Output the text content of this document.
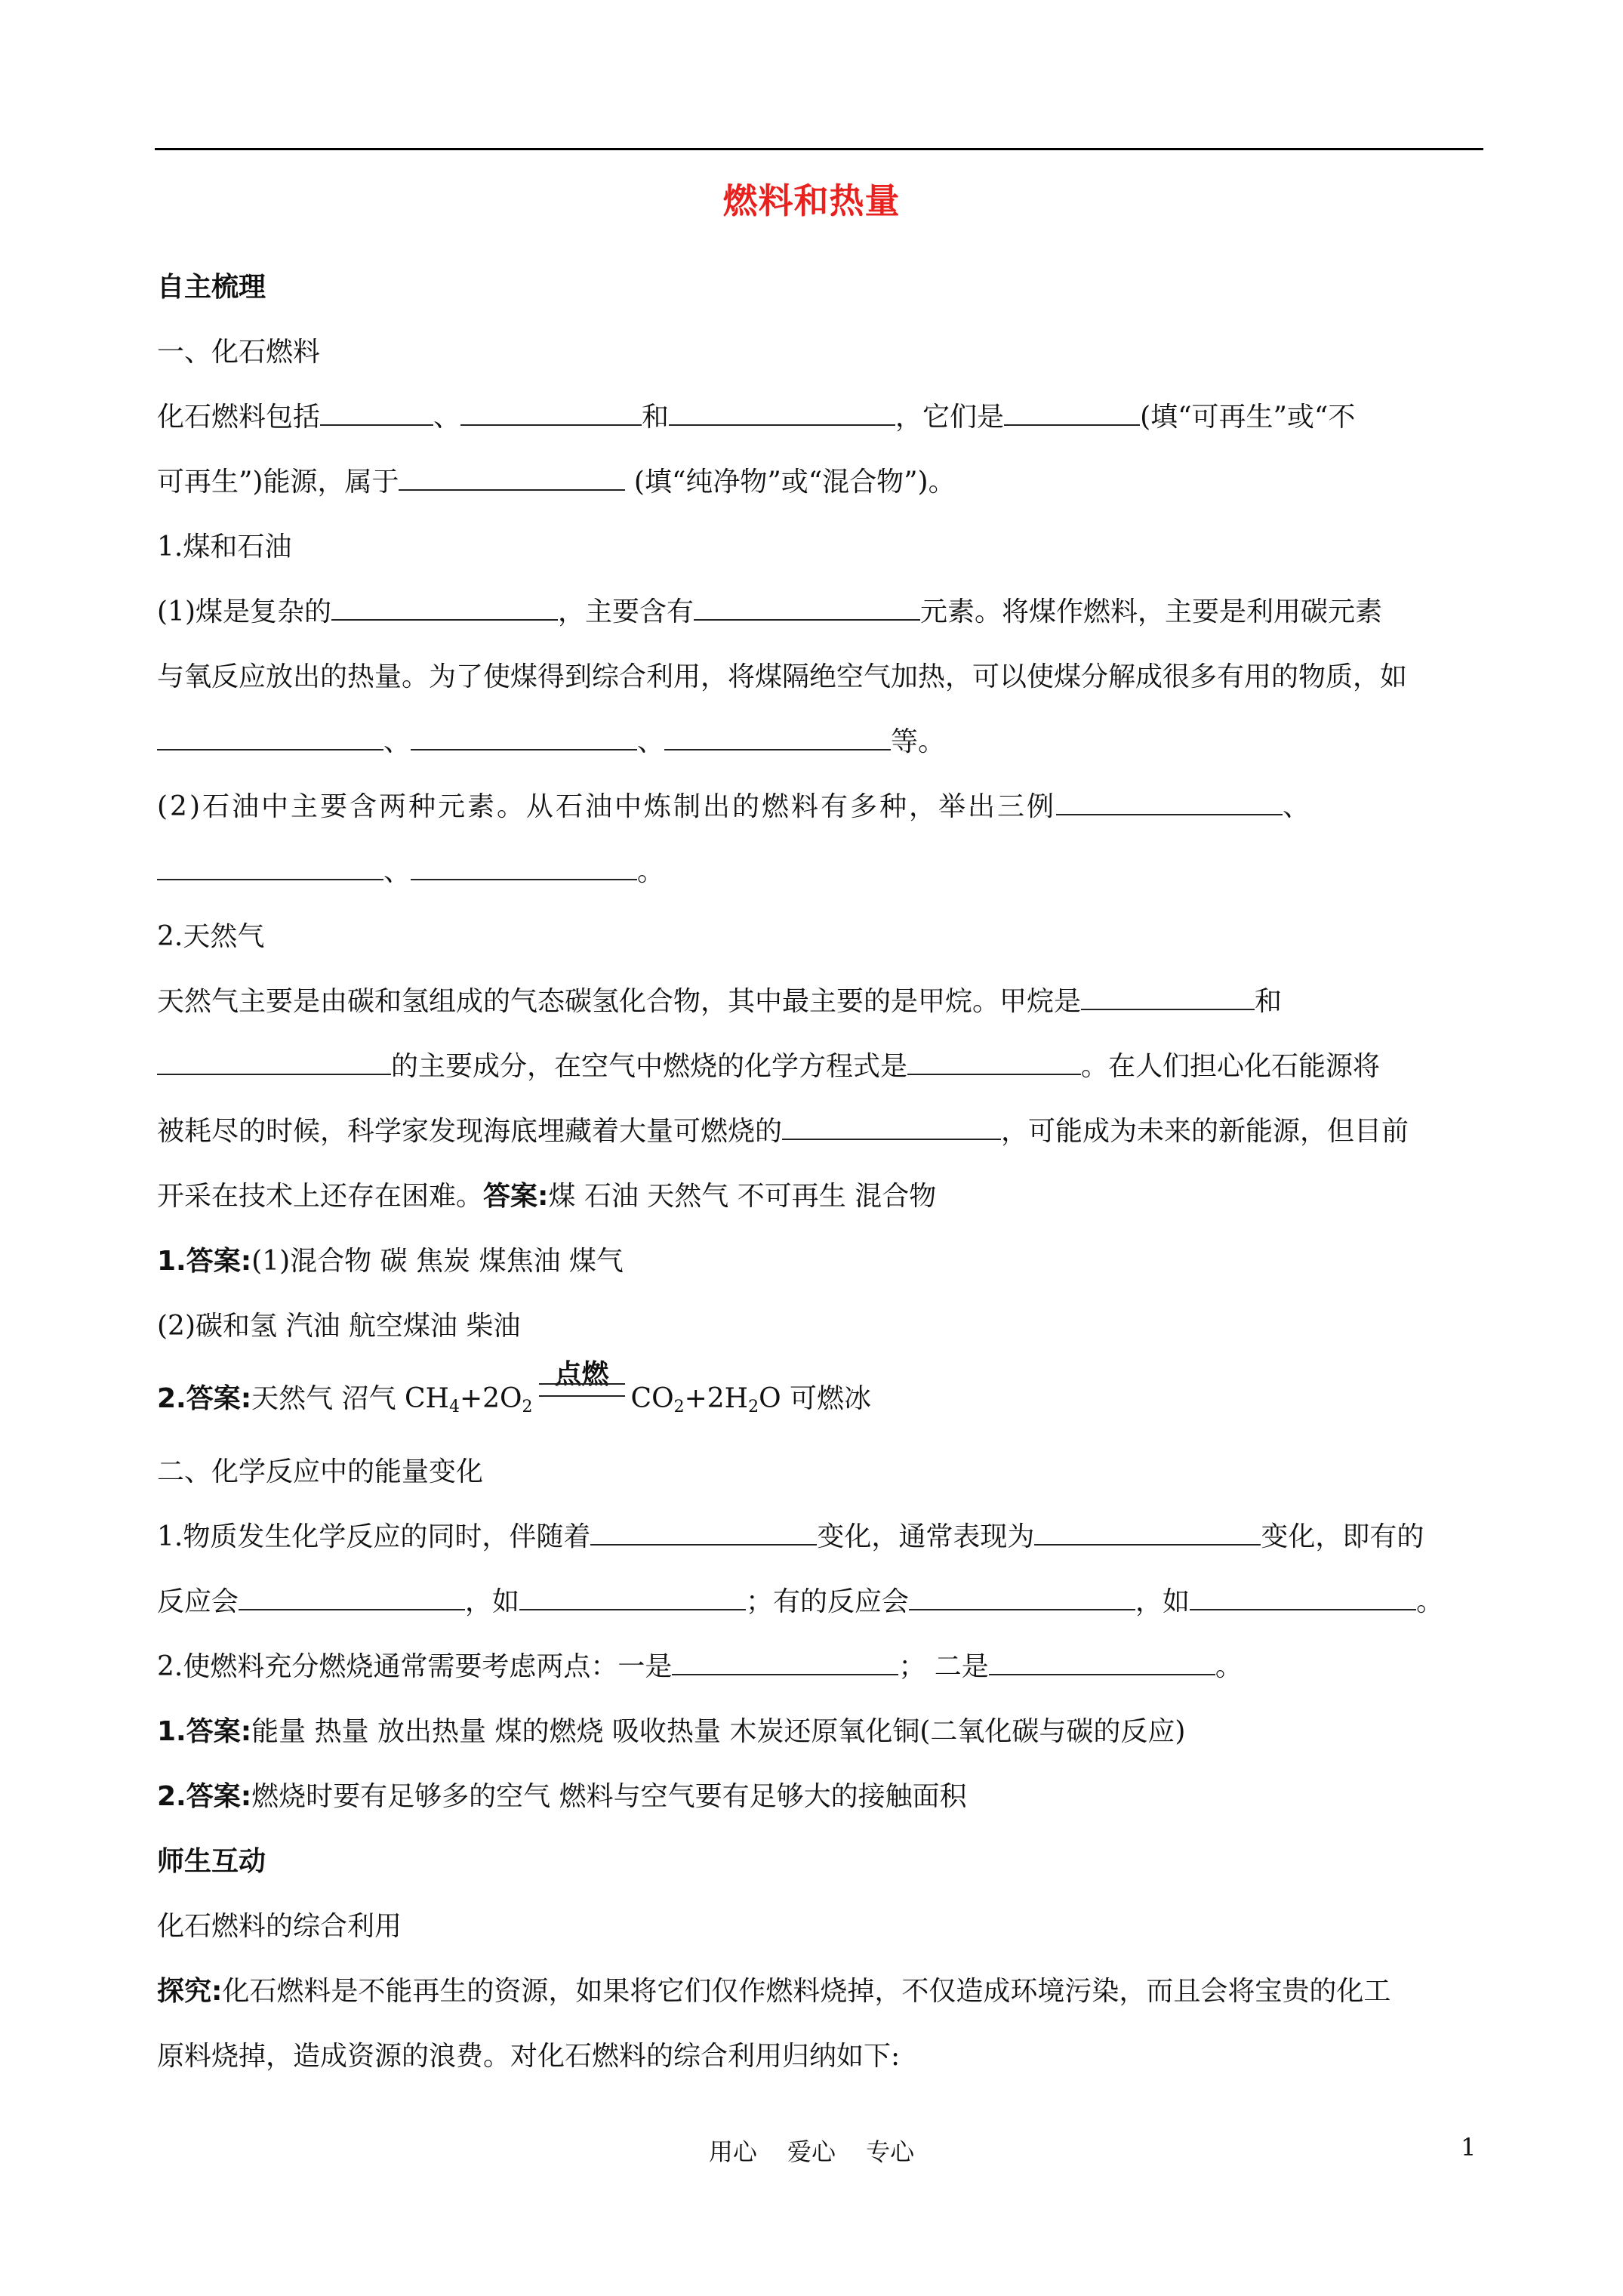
燃料和热量
自主梳理
一、化石燃料
化石燃料包括	、	和	，它们是	(填“可再生”或“不
可再生”)能源，属于	(填“纯净物”或“混合物”)。
1.煤和石油
(1)煤是复杂的	，主要含有	元素。将煤作燃料，主要是利用碳元素
与氧反应放出的热量。为了使煤得到综合利用，将煤隔绝空气加热，可以使煤分解成很多有用的物质，如
、	、	等。
(2)石油中主要含两种元素。从石油中炼制出的燃料有多种，举出三例	、
、	。
2.天然气
天然气主要是由碳和氢组成的气态碳氢化合物，其中最主要的是甲烷。甲烷是	和
的主要成分，在空气中燃烧的化学方程式是	。在人们担心化石能源将
被耗尽的时候，科学家发现海底埋藏着大量可燃烧的	，可能成为未来的新能源，但目前
开采在技术上还存在困难。答案:煤 石油 天然气 不可再生 混合物
1.答案:(1)混合物 碳 焦炭 煤焦油 煤气
(2)碳和氢 汽油 航空煤油 柴油
2.答案:天然气 沼气 $CH_4+2O_2$
点燃
$CO_2+2H_2O$ 可燃冰
二、化学反应中的能量变化
1.物质发生化学反应的同时，伴随着	变化，通常表现为	变化，即有的
反应会	，如	；有的反应会	，如	。
2.使燃料充分燃烧通常需要考虑两点：一是	； 二是	。
1.答案:能量 热量 放出热量 煤的燃烧 吸收热量 木炭还原氧化铜(二氧化碳与碳的反应)
2.答案:燃烧时要有足够多的空气 燃料与空气要有足够大的接触面积
师生互动
化石燃料的综合利用
探究:化石燃料是不能再生的资源，如果将它们仅作燃料烧掉，不仅造成环境污染，而且会将宝贵的化工
原料烧掉，造成资源的浪费。对化石燃料的综合利用归纳如下:
用心 爱心 专心	1
